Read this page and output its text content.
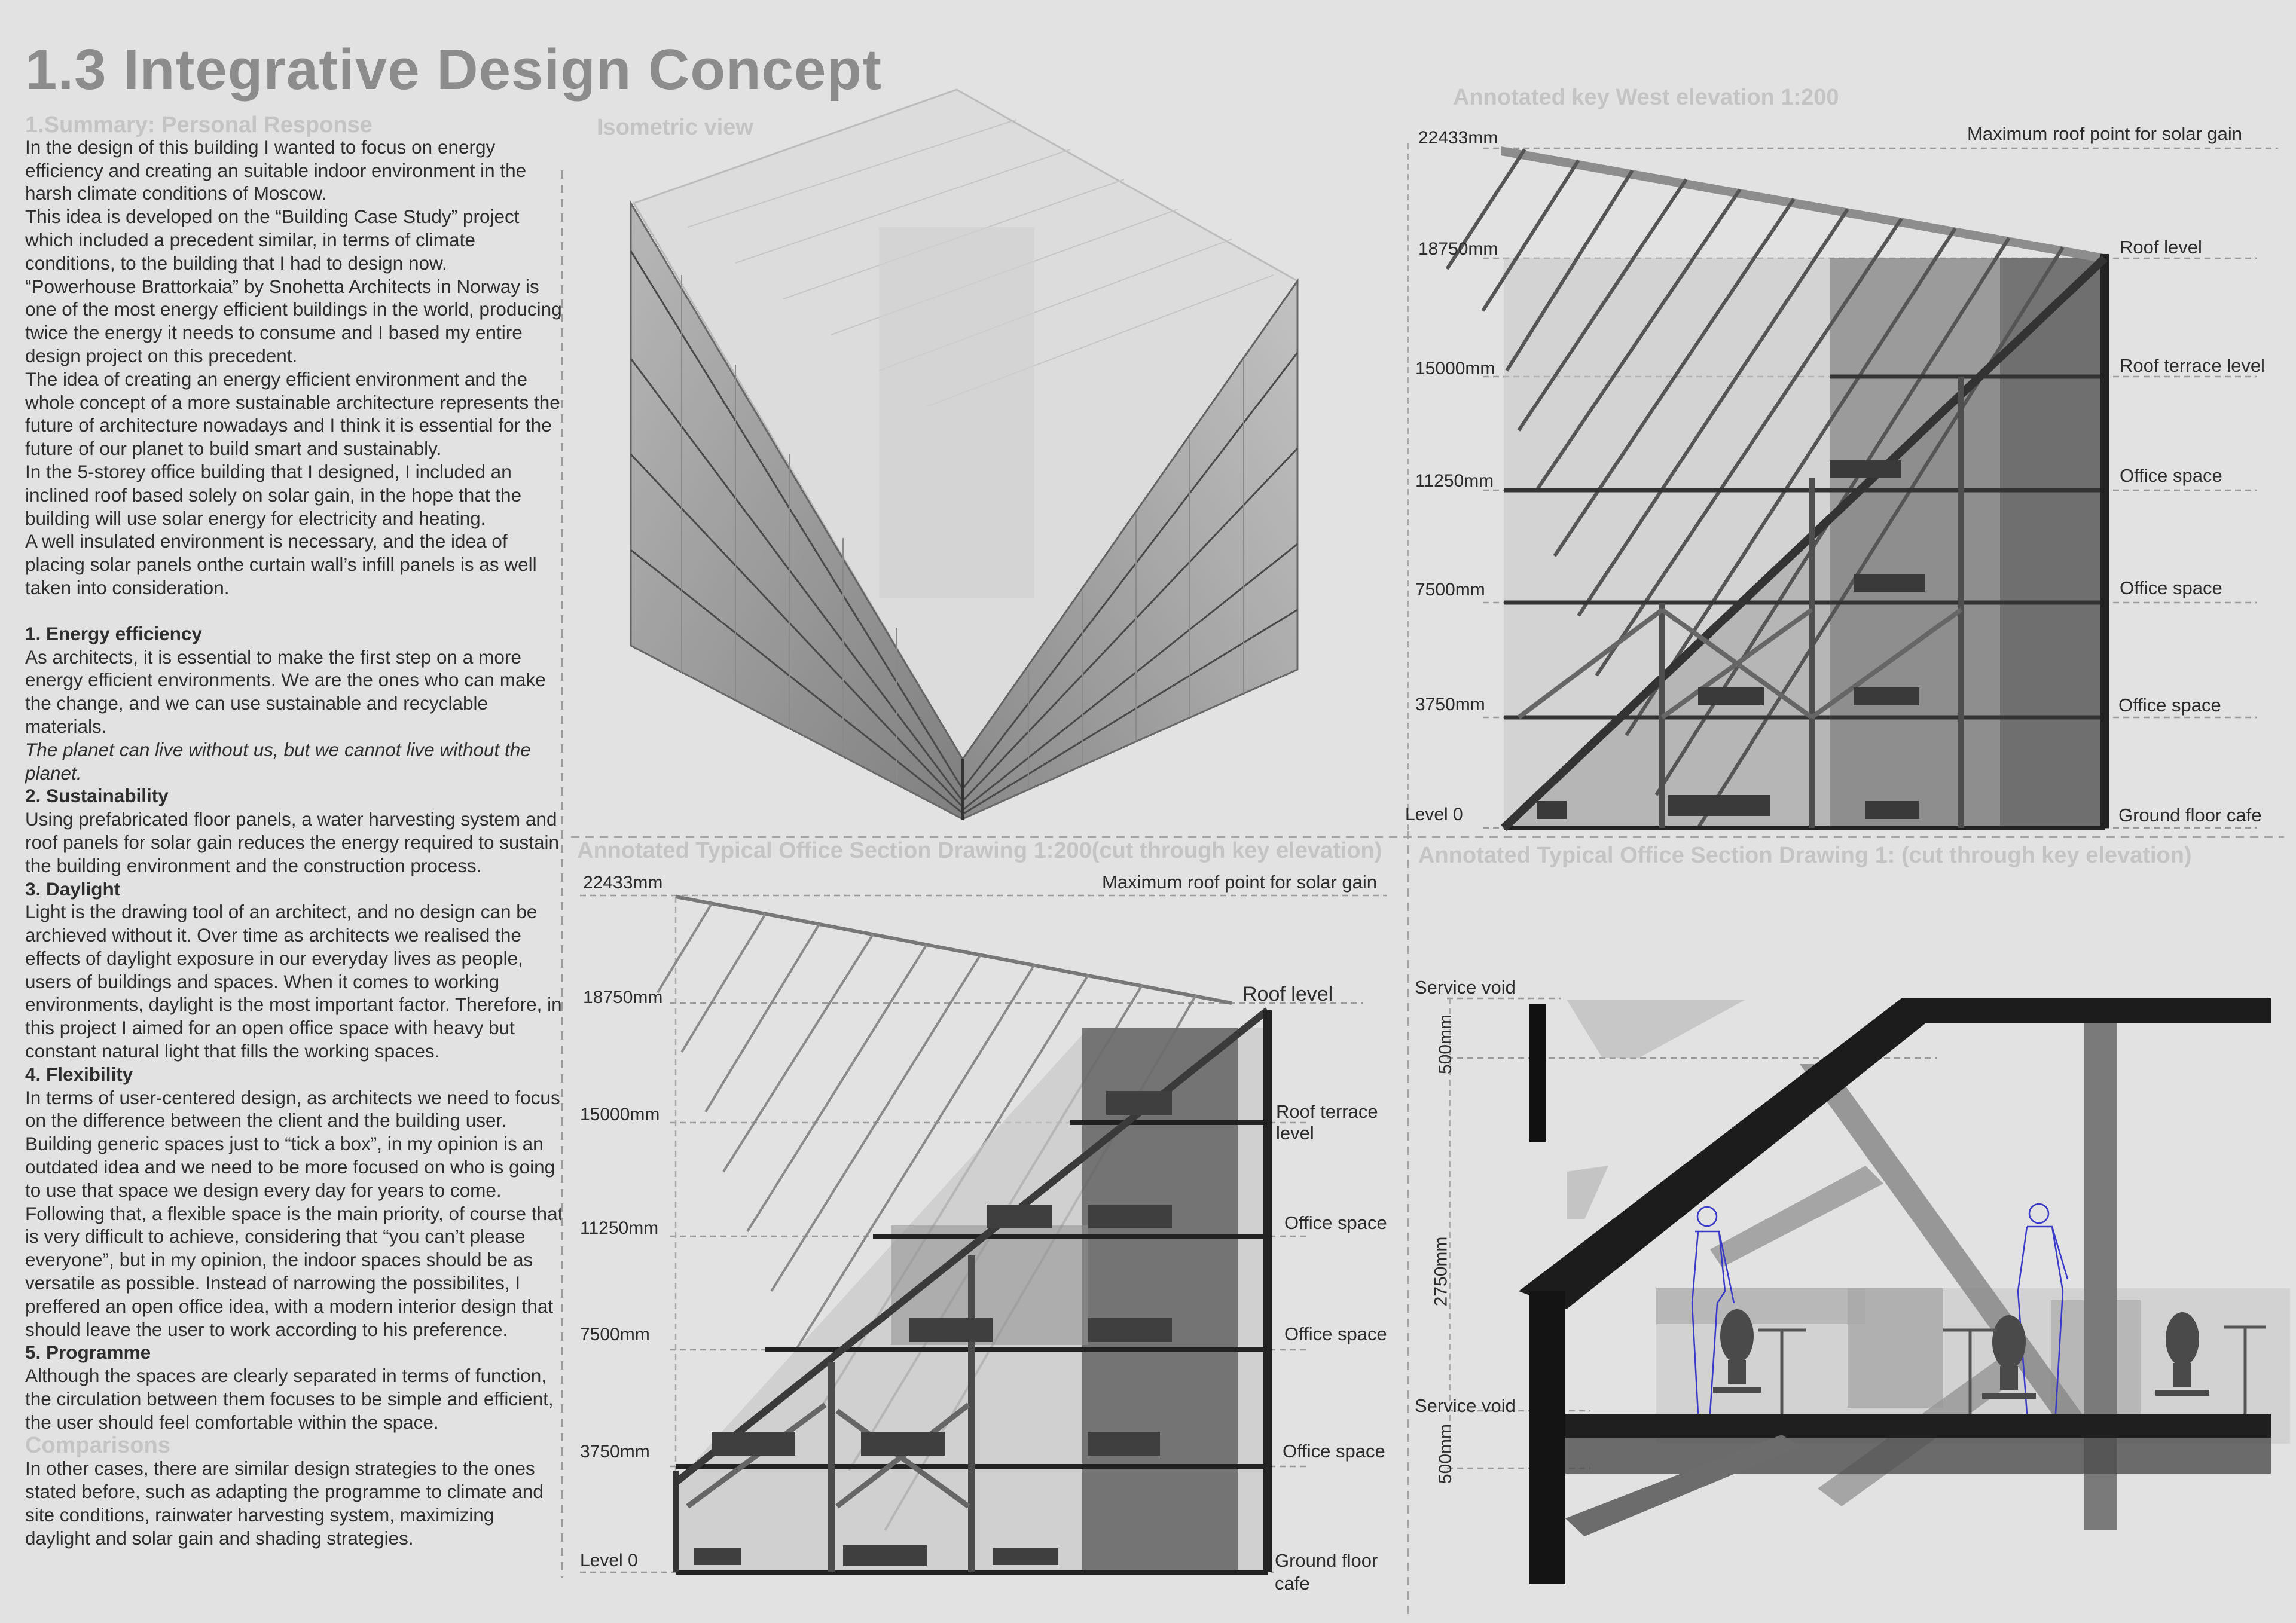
1.3 Integrative Design Concept
1.Summary: Personal Response

In the design of this building I wanted to focus on energy efficiency and creating an suitable indoor environment in the harsh climate conditions of Moscow.

This idea is developed on the “Building Case Study” project which included a precedent similar, in terms of climate conditions, to the building that I had to design now.

“Powerhouse Brattorkaia” by Snohetta Architects in Norway is one of the most energy efficient buildings in the world, producing twice the energy it needs to consume and I based my entire design project on this precedent.

The idea of creating an energy efficient environment and the whole concept of a more sustainable architecture represents the future of architecture nowadays and I think it is essential for the future of our planet to build smart and sustainably.

In the 5-storey office building that I designed, I included an inclined roof based solely on solar gain, in the hope that the building will use solar energy for electricity and heating.

A well insulated environment is necessary, and the idea of placing solar panels onthe curtain wall’s infill panels is as well taken into consideration.

1. Energy efficiency

As architects, it is essential to make the first step on a more energy efficient environments. We are the ones who can make the change, and we can use sustainable and recyclable materials.

The planet can live without us, but we cannot live without the planet.

2. Sustainability

Using prefabricated floor panels, a water harvesting system and roof panels for solar gain reduces the energy required to sustain the building environment and the construction process.

3. Daylight

Light is the drawing tool of an architect, and no design can be archieved without it. Over time as architects we realised the effects of daylight exposure in our everyday lives as people, users of buildings and spaces. When it comes to working environments, daylight is the most important factor. Therefore, in this project I aimed for an open office space with heavy but constant natural light that fills the working spaces.

4. Flexibility

In terms of user-centered design, as architects we need to focus on the difference between the client and the building user. Building generic spaces just to “tick a box”, in my opinion is an outdated idea and we need to be more focused on who is going to use that space we design every day for years to come. Following that, a flexible space is the main priority, of course that is very difficult to achieve, considering that “you can’t please everyone”, but in my opinion, the indoor spaces should be as versatile as possible. Instead of narrowing the possibilites, I preffered an open office idea, with a modern interior design that should leave the user to work according to his preference.

5. Programme

Although the spaces are clearly separated in terms of function, the circulation between them focuses to be simple and efficient, the user should feel comfortable within the space.

Comparisons

In other cases, there are similar design strategies to the ones stated before, such as adapting the programme to climate and site conditions, rainwater harvesting system, maximizing daylight and solar gain and shading strategies.

Isometric view
Annotated key West elevation 1:200
22433mm	Maximum roof point for solar gain
18750mm	Roof level
15000mm	Roof terrace level
11250mm	Office space
7500mm	Office space
3750mm	Office space
Level 0	Ground floor cafe
Annotated Typical Office Section Drawing 1:200(cut through key elevation)
22433mm	Maximum roof point for solar gain
18750mm	Roof level
15000mm	Roof terrace
level
11250mm	Office space
7500mm	Office space
3750mm	Office space
Level 0	Ground floor
cafe
Annotated Typical Office Section Drawing 1: (cut through key elevation)
Service void
Service void
500mm
2750mm
500mm
